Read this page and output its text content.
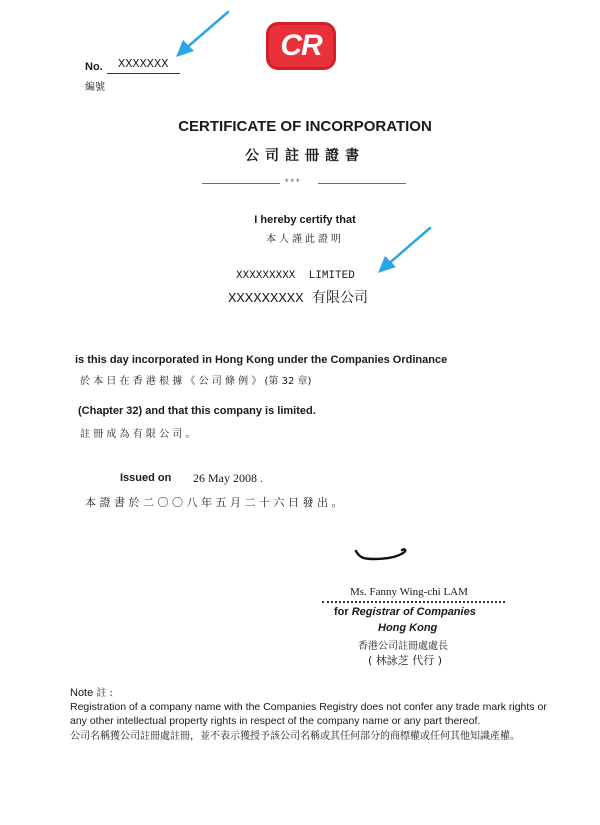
No. XXXXXXX
編號
CR
CERTIFICATE OF INCORPORATION
公司註冊證書
***
I hereby certify that
本人謹此證明
XXXXXXXXX  LIMITED
XXXXXXXXX 有限公司
is this day incorporated in Hong Kong under the Companies Ordinance
於 本 日 在 香 港 根 據 《 公 司 條 例 》 (第 32 章)
(Chapter 32) and that this company is limited.
註 冊 成 為 有 限 公 司 。
Issued on 26 May 2008 .
本 證 書 於 二 〇 〇 八 年 五 月 二 十 六 日 發 出 。
Ms. Fanny Wing-chi LAM
for Registrar of Companies
Hong Kong
香港公司註冊處處長
( 林詠芝 代行 )
Note 註 :
Registration of a company name with the Companies Registry does not confer any trade mark rights or any other intellectual property rights in respect of the company name or any part thereof.
公司名稱獲公司註冊處註冊，並不表示獲授予該公司名稱或其任何部分的商標權或任何其他知識產權。
